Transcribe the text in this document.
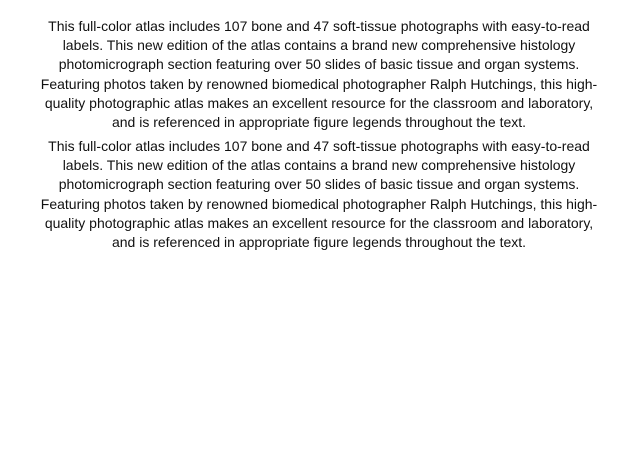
This full-color atlas includes 107 bone and 47 soft-tissue photographs with easy-to-read
labels. This new edition of the atlas contains a brand new comprehensive histology
photomicrograph section featuring over 50 slides of basic tissue and organ systems.
Featuring photos taken by renowned biomedical photographer Ralph Hutchings, this high-
quality photographic atlas makes an excellent resource for the classroom and laboratory,
and is referenced in appropriate figure legends throughout the text.
This full-color atlas includes 107 bone and 47 soft-tissue photographs with easy-to-read
labels. This new edition of the atlas contains a brand new comprehensive histology
photomicrograph section featuring over 50 slides of basic tissue and organ systems.
Featuring photos taken by renowned biomedical photographer Ralph Hutchings, this high-
quality photographic atlas makes an excellent resource for the classroom and laboratory,
and is referenced in appropriate figure legends throughout the text.
